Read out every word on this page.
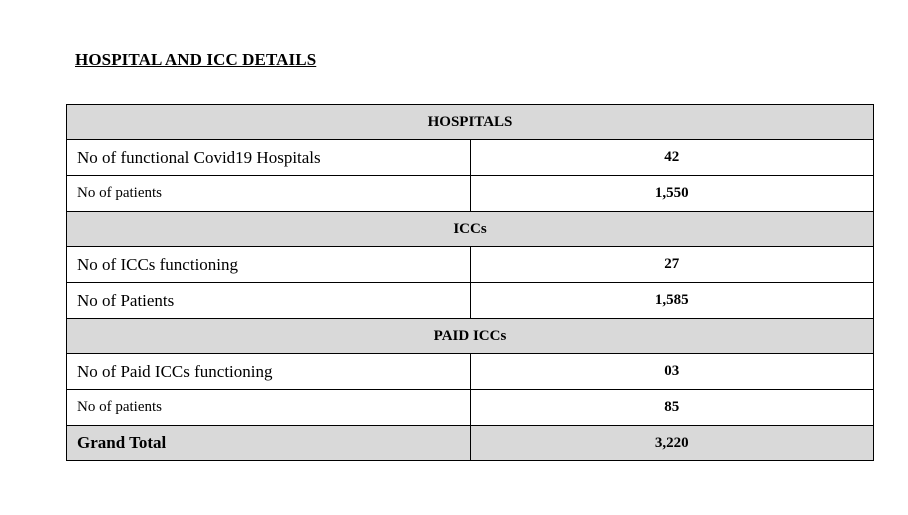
HOSPITAL AND ICC DETAILS
HOSPITALS	
No of functional Covid19 Hospitals	42
No of patients	1,550
ICCs	
No of ICCs functioning	27
No of Patients	1,585
PAID ICCs	
No of Paid ICCs functioning	03
No of patients	85
Grand Total	3,220
